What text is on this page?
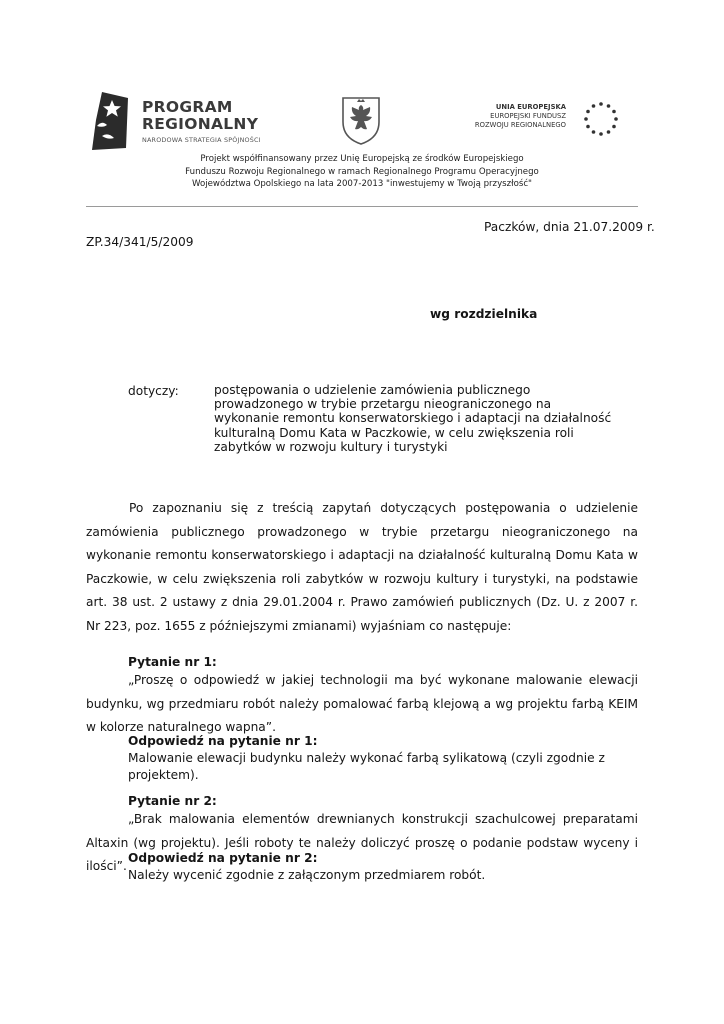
PROGRAM
REGIONALNY
NARODOWA STRATEGIA SPÓJNOŚCI
UNIA EUROPEJSKA
EUROPEJSKI FUNDUSZ
ROZWOJU REGIONALNEGO
Projekt współfinansowany przez Unię Europejską ze środków Europejskiego
Funduszu Rozwoju Regionalnego w ramach Regionalnego Programu Operacyjnego
Województwa Opolskiego na lata 2007-2013 "inwestujemy w Twoją przyszłość"
Paczków, dnia 21.07.2009 r.
ZP.34/341/5/2009
wg rozdzielnika
dotyczy:	postępowania o udzielenie zamówienia publicznego prowadzonego w trybie przetargu nieograniczonego na wykonanie remontu konserwatorskiego i adaptacji na działalność kulturalną Domu Kata w Paczkowie, w celu zwiększenia roli zabytków w rozwoju kultury i turystyki
Po zapoznaniu się z treścią zapytań dotyczących postępowania o udzielenie zamówienia publicznego prowadzonego w trybie przetargu nieograniczonego na wykonanie remontu konserwatorskiego i adaptacji na działalność kulturalną Domu Kata w Paczkowie, w celu zwiększenia roli zabytków w rozwoju kultury i turystyki, na podstawie art. 38 ust. 2 ustawy z dnia 29.01.2004 r. Prawo zamówień publicznych (Dz. U. z 2007 r. Nr 223, poz. 1655 z późniejszymi zmianami) wyjaśniam co następuje:
Pytanie nr 1:
„Proszę o odpowiedź w jakiej technologii ma być wykonane malowanie elewacji budynku, wg przedmiaru robót należy pomalować farbą klejową a wg projektu farbą KEIM w kolorze naturalnego wapna”.
Odpowiedź na pytanie nr 1:
Malowanie elewacji budynku należy wykonać farbą sylikatową (czyli zgodnie z projektem).
Pytanie nr 2:
„Brak malowania elementów drewnianych konstrukcji szachulcowej preparatami Altaxin (wg projektu). Jeśli roboty te należy doliczyć proszę o podanie podstaw wyceny i ilości”.
Odpowiedź na pytanie nr 2:
Należy wycenić zgodnie z załączonym przedmiarem robót.
